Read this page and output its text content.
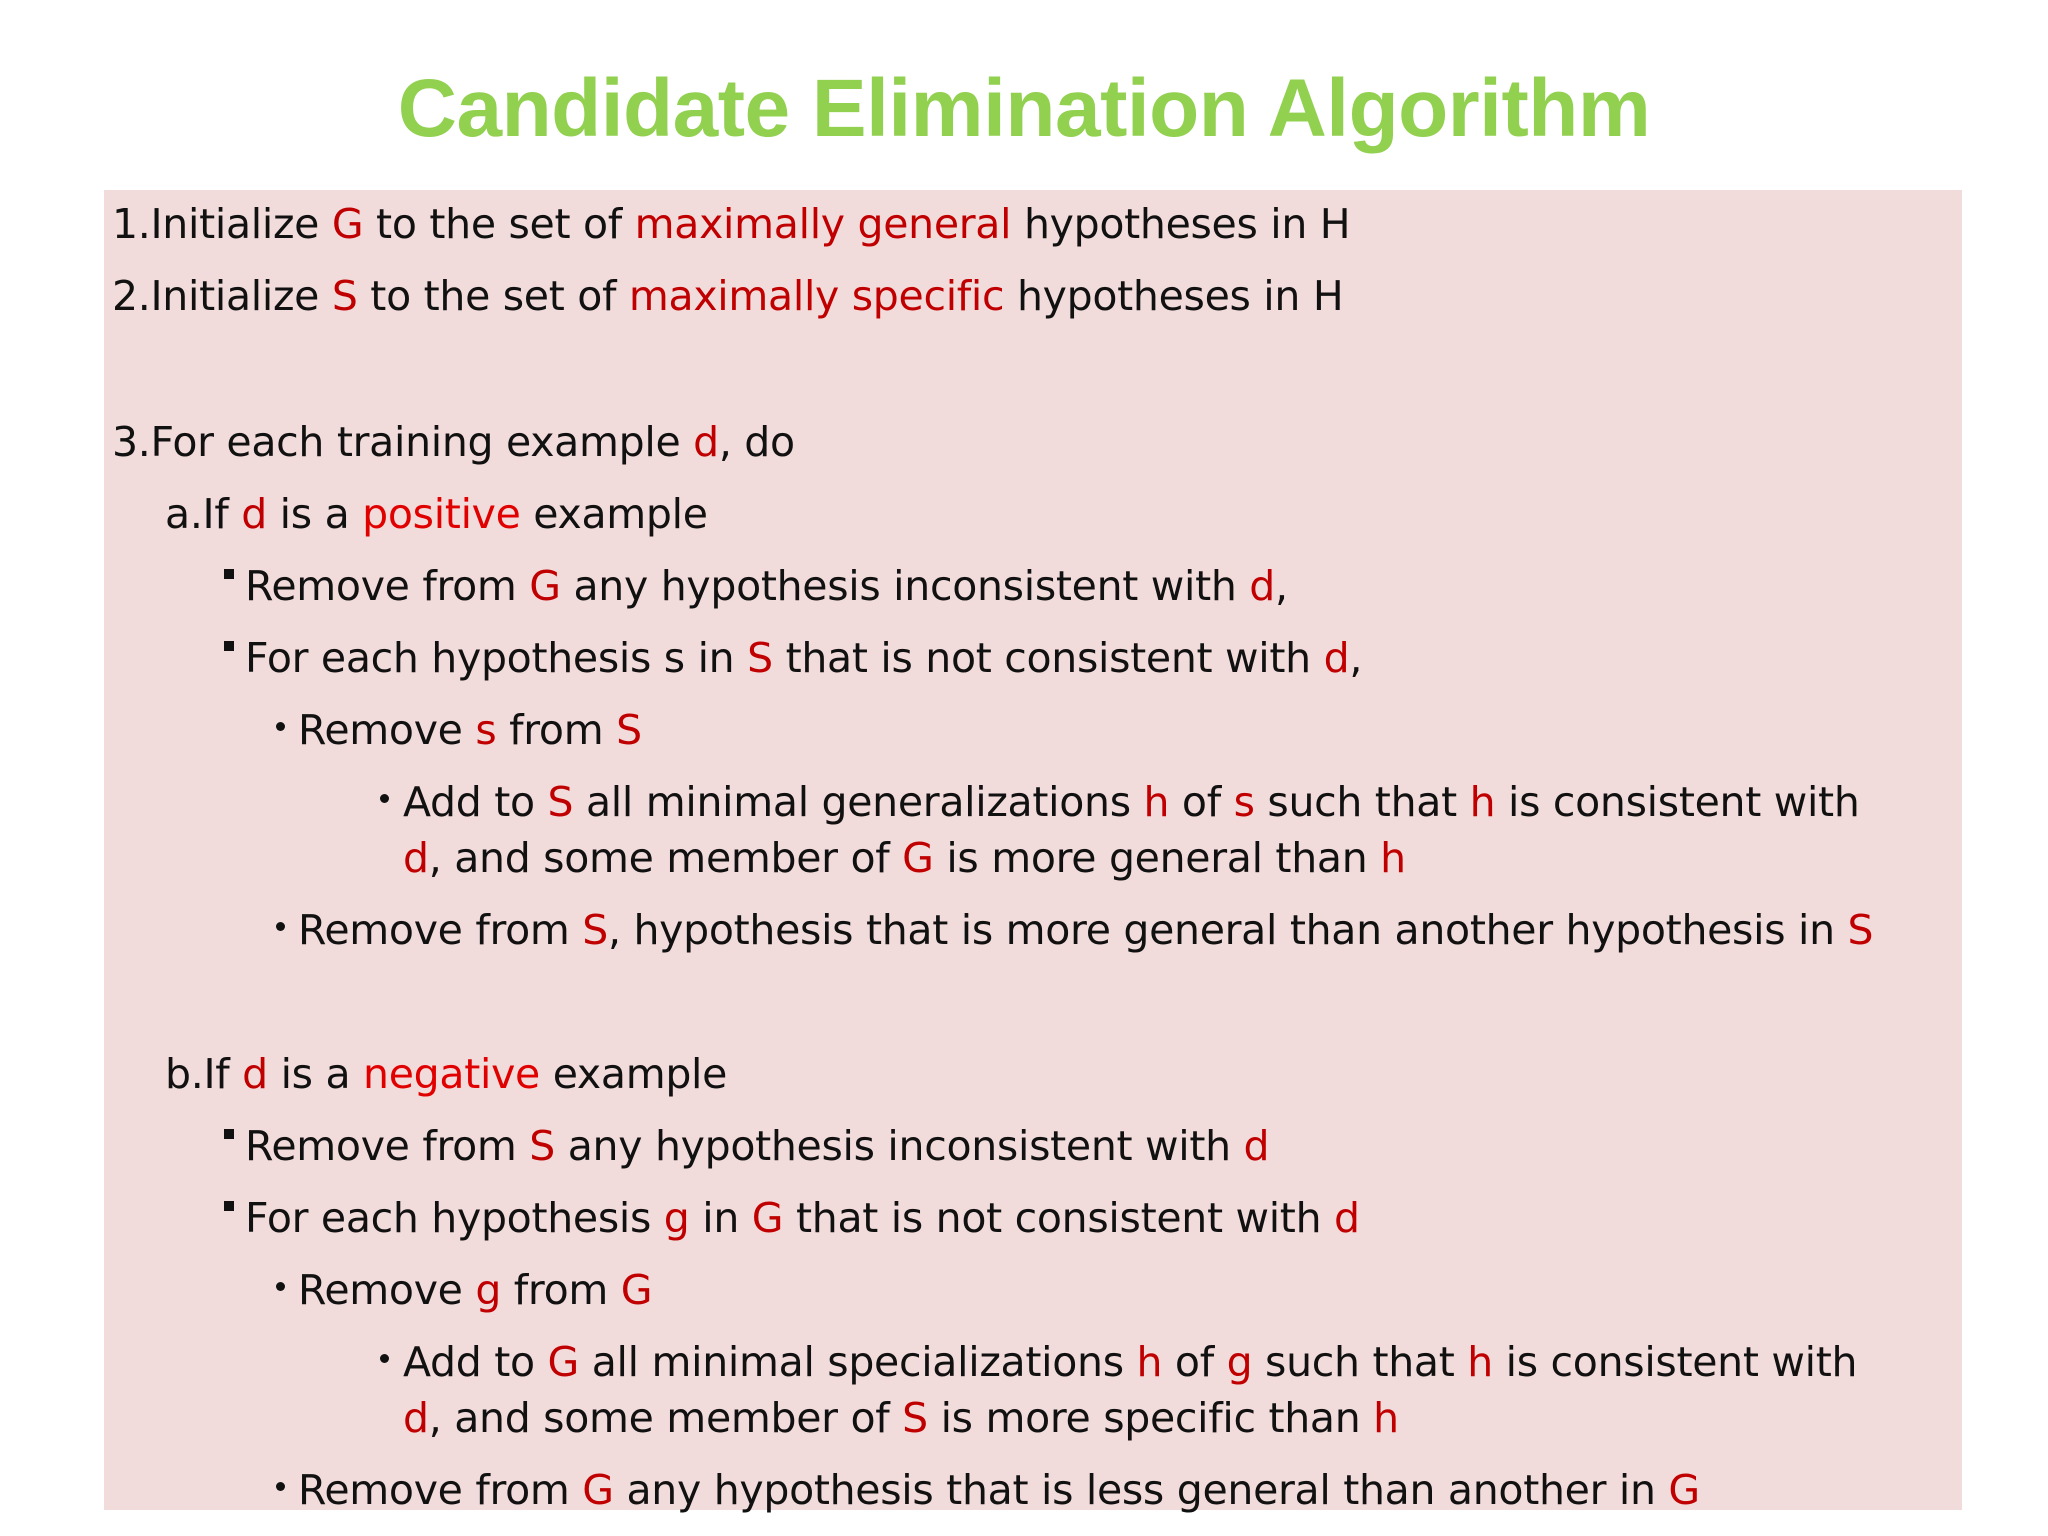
Candidate Elimination Algorithm
1.Initialize G to the set of maximally general hypotheses in H
2.Initialize S to the set of maximally specific hypotheses in H
3.For each training example d, do
a.If d is a positive example
Remove from G any hypothesis inconsistent with d,
For each hypothesis s in S that is not consistent with d,
Remove s from S
Add to S all minimal generalizations h of s such that h is consistent with
d, and some member of G is more general than h
Remove from S, hypothesis that is more general than another hypothesis in S
b.If d is a negative example
Remove from S any hypothesis inconsistent with d
For each hypothesis g in G that is not consistent with d
Remove g from G
Add to G all minimal specializations h of g such that h is consistent with
d, and some member of S is more specific than h
Remove from G any hypothesis that is less general than another in G
